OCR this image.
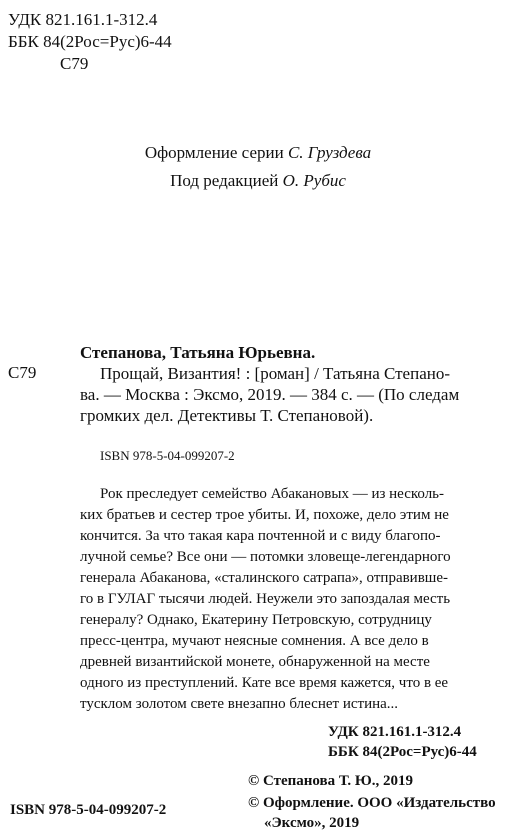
УДК 821.161.1-312.4
ББК 84(2Рос=Рус)6-44
С79
Оформление серии С. Груздева
Под редакцией О. Рубис
С79
Степанова, Татьяна Юрьевна.
Прощай, Византия! : [роман] / Татьяна Степано-
ва. — Москва : Эксмо, 2019. — 384 с. — (По следам
громких дел. Детективы Т. Степановой).
ISBN 978-5-04-099207-2
Рок преследует семейство Абакановых — из несколь-
ких братьев и сестер трое убиты. И, похоже, дело этим не
кончится. За что такая кара почтенной и с виду благопо-
лучной семье? Все они — потомки зловеще-легендарного
генерала Абаканова, «сталинского сатрапа», отправивше-
го в ГУЛАГ тысячи людей. Неужели это запоздалая месть
генералу? Однако, Екатерину Петровскую, сотрудницу
пресс-центра, мучают неясные сомнения. А все дело в
древней византийской монете, обнаруженной на месте
одного из преступлений. Кате все время кажется, что в ее
тусклом золотом свете внезапно блеснет истина...
УДК 821.161.1-312.4
ББК 84(2Рос=Рус)6-44
© Степанова Т. Ю., 2019
© Оформление. ООО «Издательство
«Эксмо», 2019
ISBN 978-5-04-099207-2
